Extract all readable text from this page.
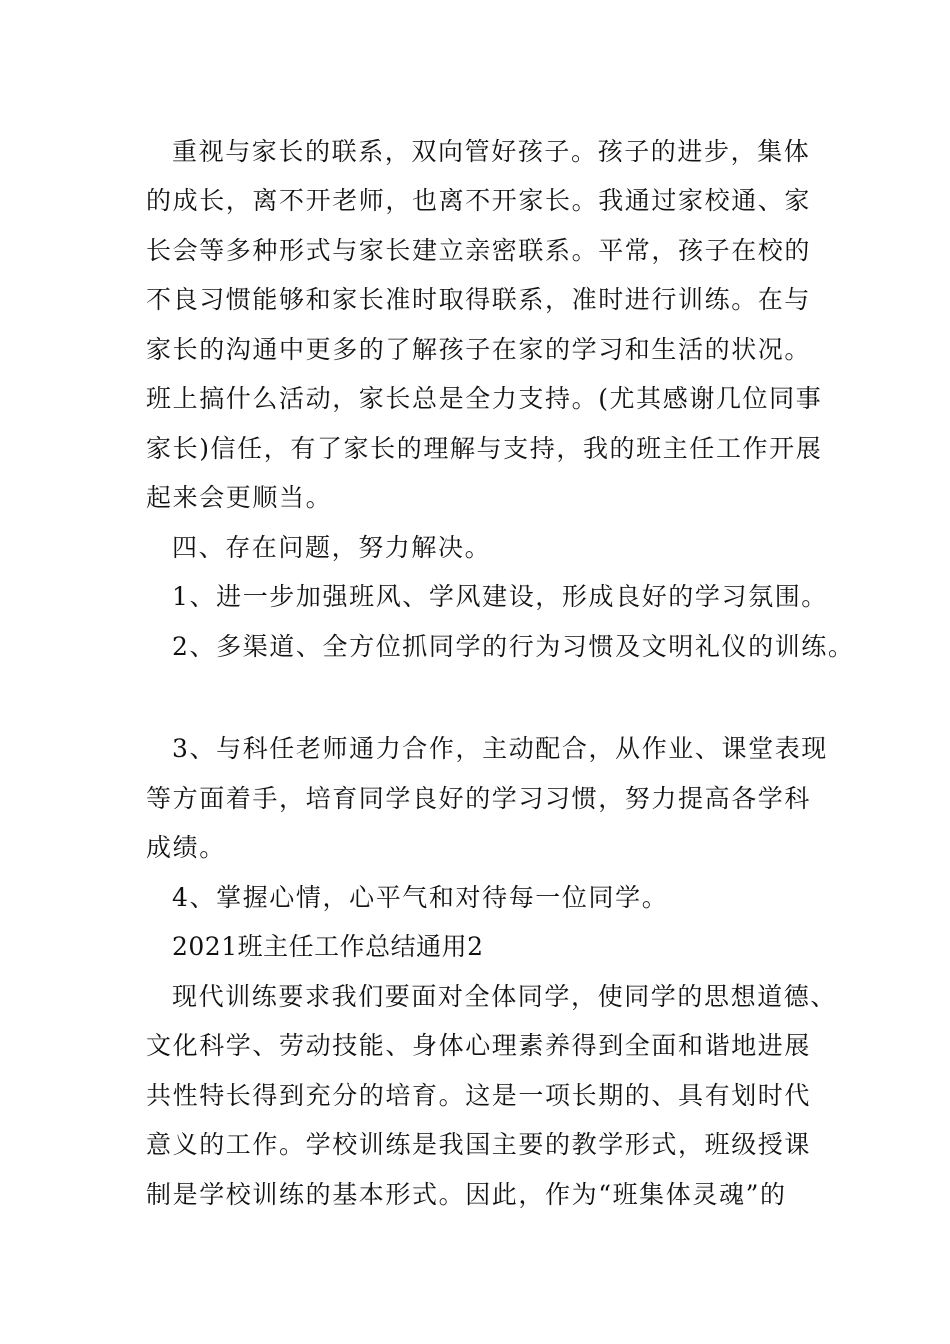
重视与家长的联系，双向管好孩子。孩子的进步，集体
的成长，离不开老师，也离不开家长。我通过家校通、家
长会等多种形式与家长建立亲密联系。平常，孩子在校的
不良习惯能够和家长准时取得联系，准时进行训练。在与
家长的沟通中更多的了解孩子在家的学习和生活的状况。
班上搞什么活动，家长总是全力支持。(尤其感谢几位同事
家长)信任，有了家长的理解与支持，我的班主任工作开展
起来会更顺当。
四、存在问题，努力解决。
1、进一步加强班风、学风建设，形成良好的学习氛围。
2、多渠道、全方位抓同学的行为习惯及文明礼仪的训练。
3、与科任老师通力合作，主动配合，从作业、课堂表现
等方面着手，培育同学良好的学习习惯，努力提高各学科
成绩。
4、掌握心情，心平气和对待每一位同学。
2021班主任工作总结通用2
现代训练要求我们要面对全体同学，使同学的思想道德、
文化科学、劳动技能、身体心理素养得到全面和谐地进展
共性特长得到充分的培育。这是一项长期的、具有划时代
意义的工作。学校训练是我国主要的教学形式，班级授课
制是学校训练的基本形式。因此，作为“班集体灵魂”的
